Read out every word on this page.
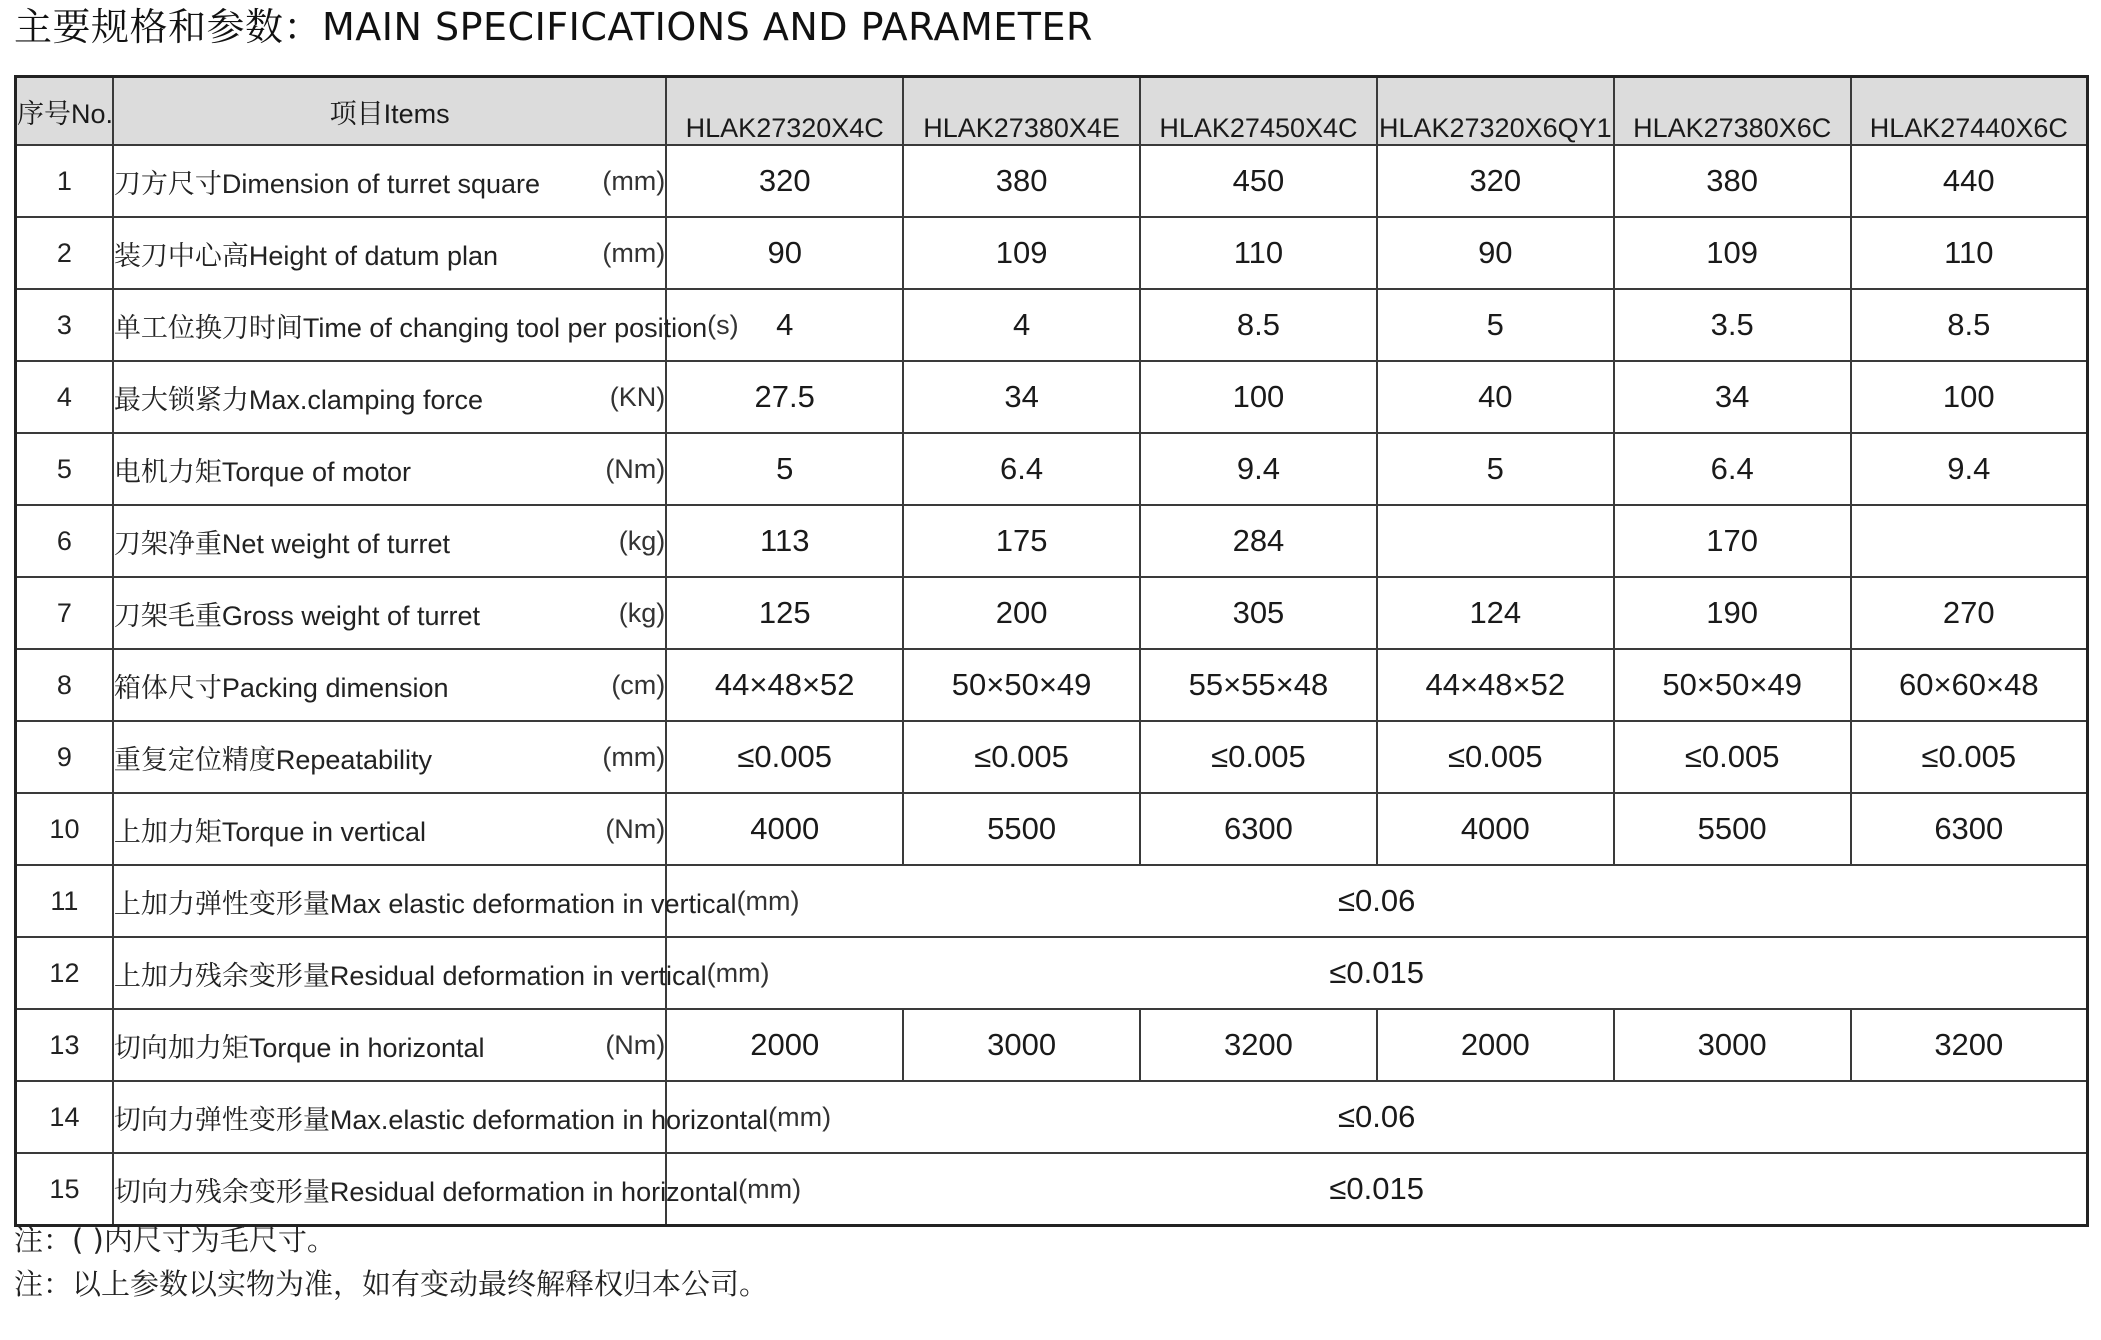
主要规格和参数：MAIN SPECIFICATIONS AND PARAMETER
序号No.	项目Items	HLAK27320X4C	HLAK27380X4E	HLAK27450X4C	HLAK27320X6QY1	HLAK27380X6C	HLAK27440X6C
1	刀方尺寸Dimension of turret square (mm)	320	380	450	320	380	440
2	装刀中心高Height of datum plan (mm)	90	109	110	90	109	110
3	单工位换刀时间Time of changing tool per position (s)	4	4	8.5	5	3.5	8.5
4	最大锁紧力Max.clamping force (KN)	27.5	34	100	40	34	100
5	电机力矩Torque of motor (Nm)	5	6.4	9.4	5	6.4	9.4
6	刀架净重Net weight of turret (kg)	113	175	284		170	
7	刀架毛重Gross weight of turret (kg)	125	200	305	124	190	270
8	箱体尺寸Packing dimension (cm)	44×48×52	50×50×49	55×55×48	44×48×52	50×50×49	60×60×48
9	重复定位精度Repeatability (mm)	≤0.005	≤0.005	≤0.005	≤0.005	≤0.005	≤0.005
10	上加力矩Torque in vertical (Nm)	4000	5500	6300	4000	5500	6300
11	上加力弹性变形量Max elastic deformation in vertical (mm)	≤0.06					
12	上加力残余变形量Residual deformation in vertical (mm)	≤0.015					
13	切向加力矩Torque in horizontal (Nm)	2000	3000	3200	2000	3000	3200
14	切向力弹性变形量Max.elastic deformation in horizontal (mm)	≤0.06					
15	切向力残余变形量Residual deformation in horizontal (mm)	≤0.015					
注：( )内尺寸为毛尺寸。
注：以上参数以实物为准，如有变动最终解释权归本公司。
